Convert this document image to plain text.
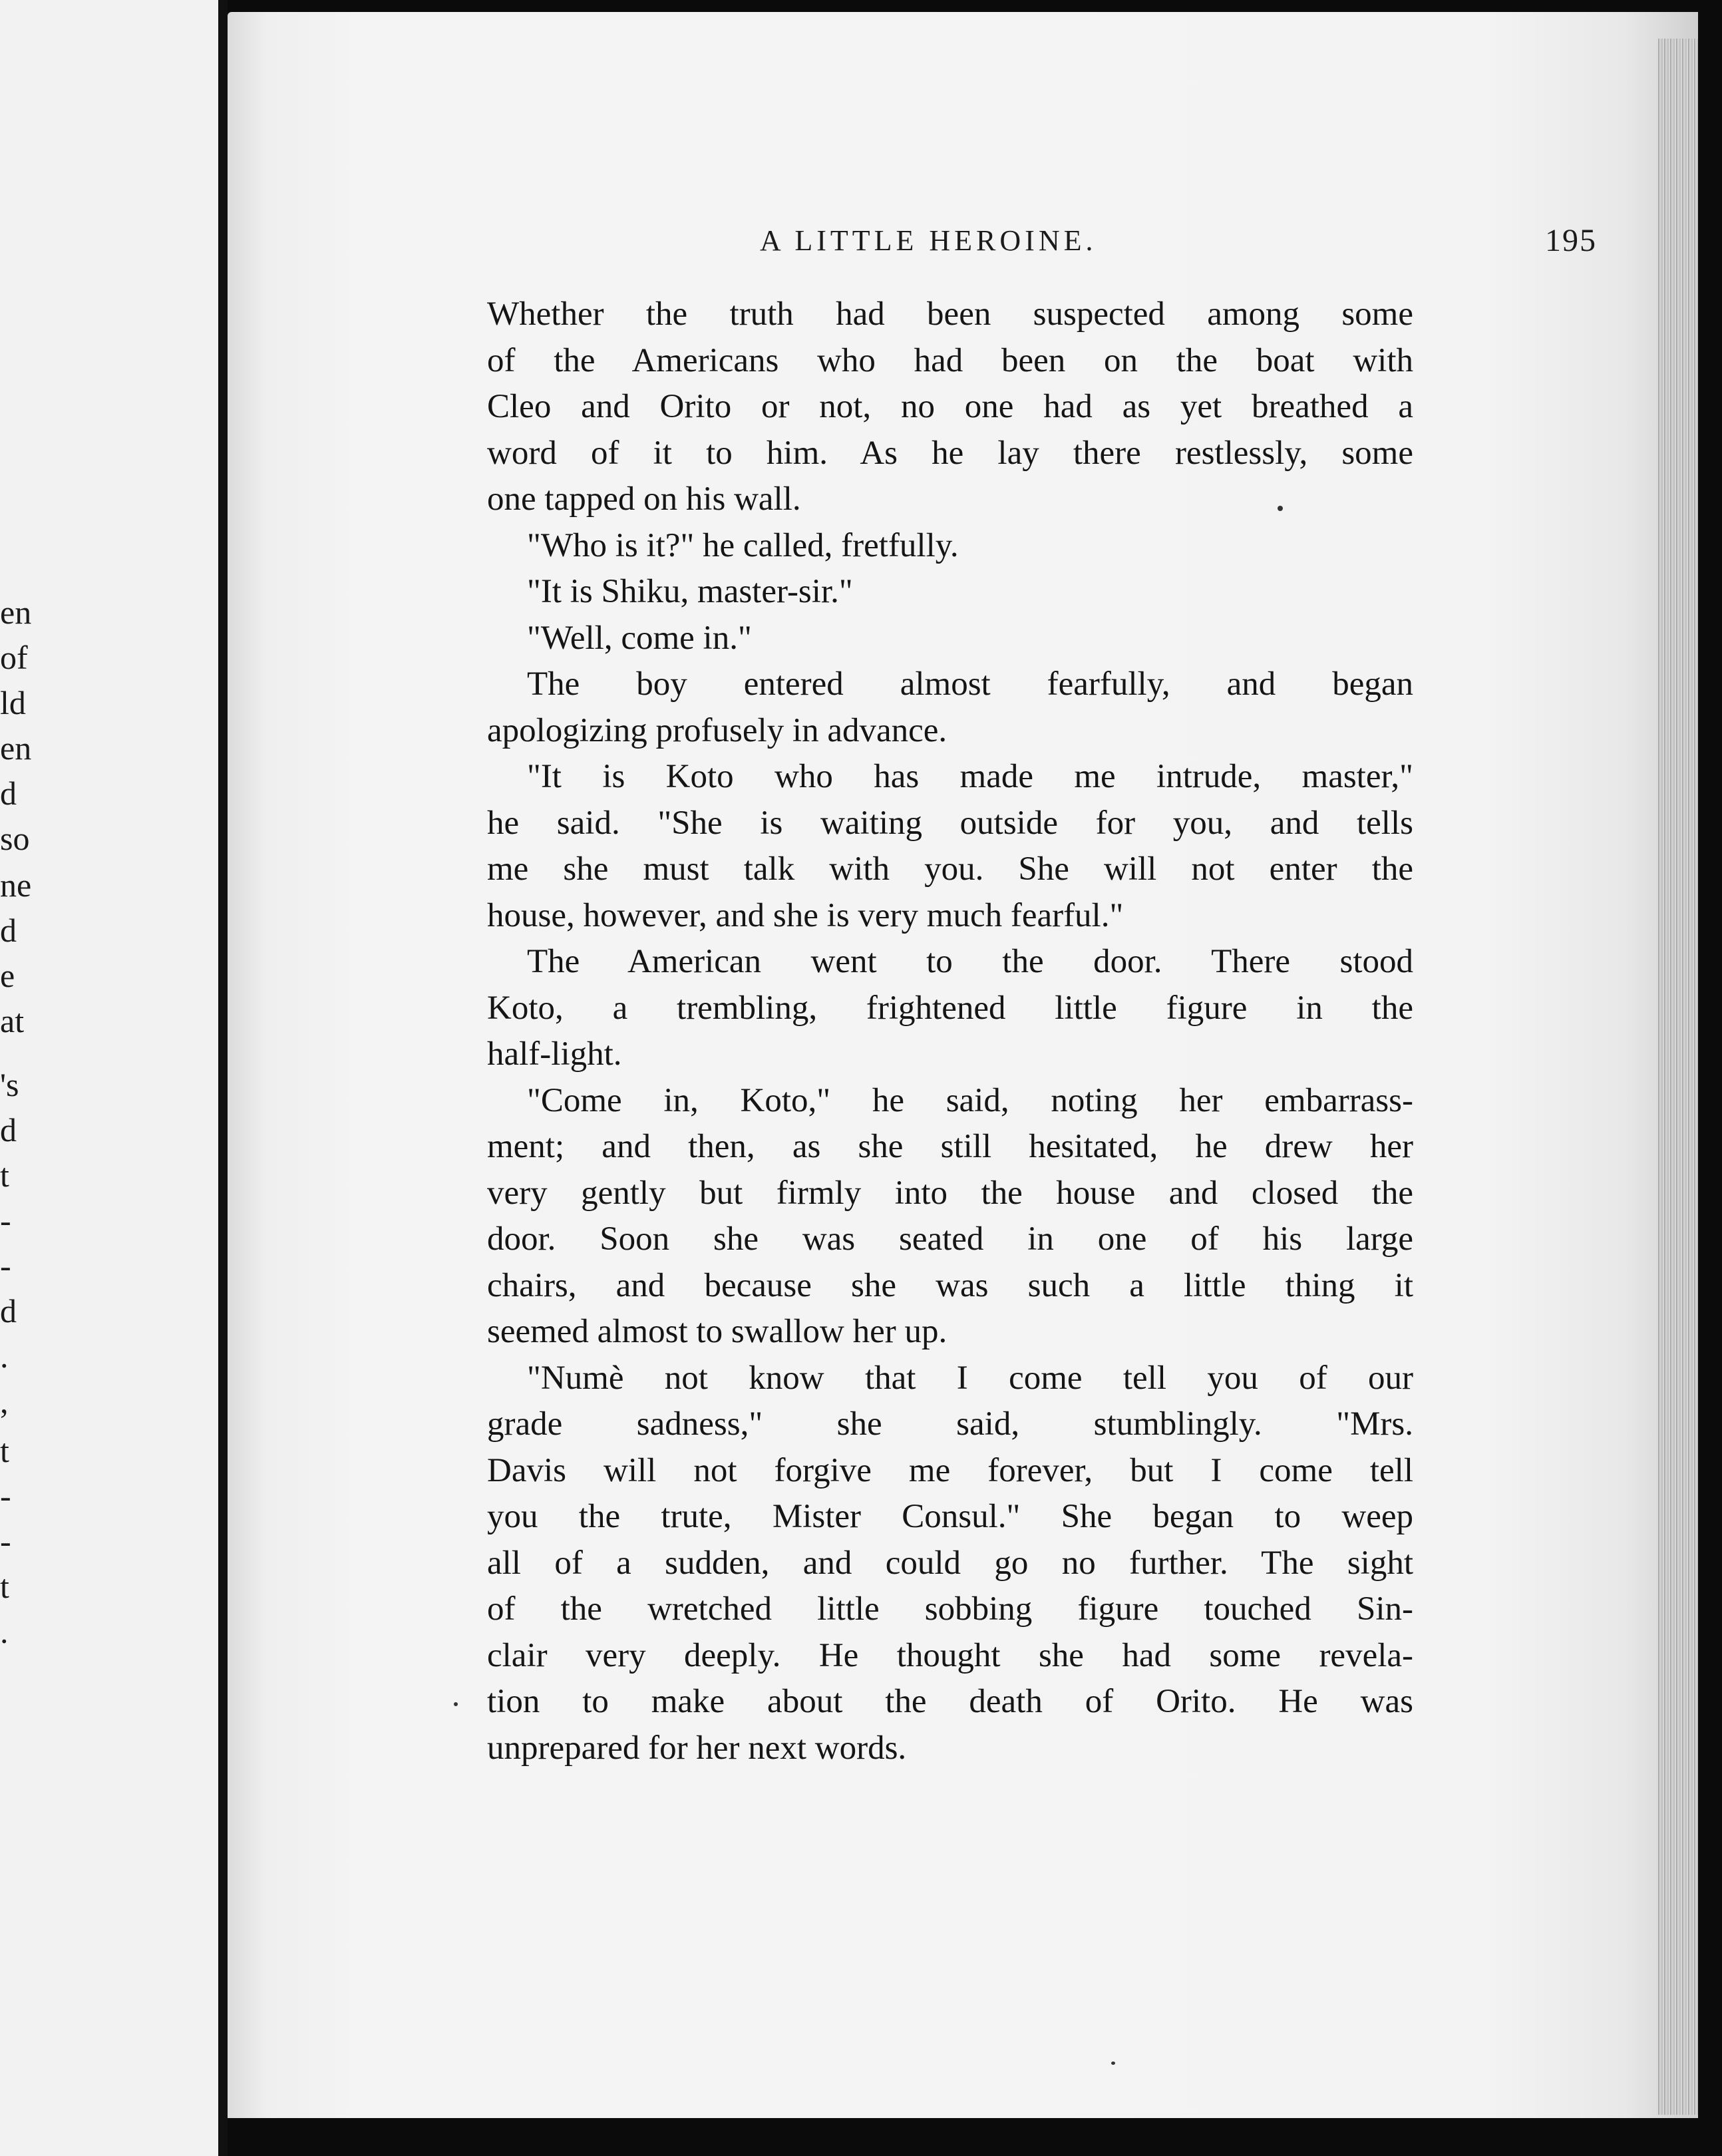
en
of
ld
en
d
so
ne
d
e
at
's
d
t
-
-
d
.
,
t
-
-
t
.
A LITTLE HEROINE.	195
Whether the truth had been suspected among some
of the Americans who had been on the boat with
Cleo and Orito or not, no one had as yet breathed a
word of it to him. As he lay there restlessly, some
one tapped on his wall.
"Who is it?" he called, fretfully.
"It is Shiku, master-sir."
"Well, come in."
The boy entered almost fearfully, and began
apologizing profusely in advance.
"It is Koto who has made me intrude, master,"
he said. "She is waiting outside for you, and tells
me she must talk with you. She will not enter the
house, however, and she is very much fearful."
The American went to the door. There stood
Koto, a trembling, frightened little figure in the
half-light.
"Come in, Koto," he said, noting her embarrass-
ment; and then, as she still hesitated, he drew her
very gently but firmly into the house and closed the
door. Soon she was seated in one of his large
chairs, and because she was such a little thing it
seemed almost to swallow her up.
"Numè not know that I come tell you of our
grade sadness," she said, stumblingly. "Mrs.
Davis will not forgive me forever, but I come tell
you the trute, Mister Consul." She began to weep
all of a sudden, and could go no further. The sight
of the wretched little sobbing figure touched Sin-
clair very deeply. He thought she had some revela-
tion to make about the death of Orito. He was
unprepared for her next words.
